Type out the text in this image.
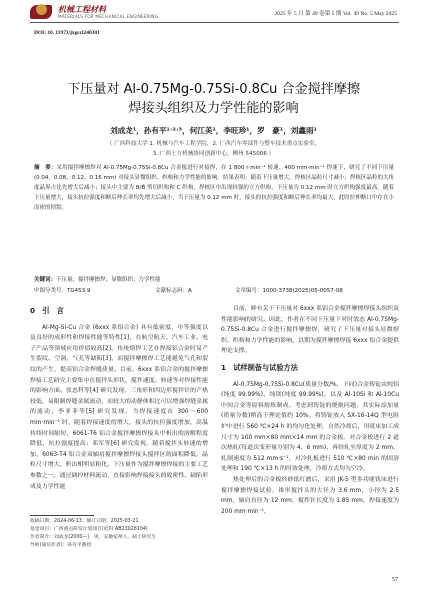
机械工程材料
MATERIALS FOR MECHANICAL ENGINEERING	2025 年 5 月 第 49 卷第 5 期 Vol. 49 No. 5 May 2025
DOI: 10. 11973/jxgccl240301
下压量对 Al-0.75Mg-0.75Si-0.8Cu 合金搅拌摩擦
焊接头组织及力学性能的影响
刘成龙¹，孙有平¹˒²˒³，何江美¹，李旺珍¹，罗　豪¹，刘鑫雨¹
（ 广西科技大学 1. 机械与汽车工程学院，2. 广西汽车零部件与整车技术重点实验室，
3. 广西土方机械协同创新中心，柳州 545006 ）
摘　要：采用搅拌摩擦焊对 Al-0.75Mg-0.75Si-0.8Cu 合金板进行对接焊，在 1 800 r·min⁻¹ 转速、400 mm·min⁻¹ 焊速下，研究了不同下压量 (0.04，0.08，0.12，0.16 mm) 对接头显微组织、织构和力学性能的影响。结果表明：随着下压量增大，焊核区晶粒尺寸减小，焊核区晶粒的大角度晶界占比先增大后减小；接头中主要为 B/B̄ 剪切织构和 C 织构，焊核区中出现较强的立方织构，下压量为 0.12 mm 时立方织构强度最高。随着下压量增大，接头抗拉强度和断后伸长率均先增大后减小，当下压量为 0.12 mm 时，接头的抗拉强度和断后伸长率均最大，此时拉伸断口中存在小而密的韧窝。
关键词：下压量；搅拌摩擦焊；显微组织；力学性能
中图分类号：TG453.9	文献标志码：A	文章编号：1000-3738(2025)05-0057-08
0　引　言

Al-Mg-Si-Cu 合金 (6xxx 系铝合金) 具有低密度、中等强度以及良好的成形性和焊接性能等特性[1]，在航空航天、汽车工业、电子产品等领域应用价值较高[2]。传统熔焊工艺在焊接铝合金时易产生裂纹、空洞、气孔等缺陷[3]，而搅拌摩擦焊工艺能避免气孔和裂纹的产生，提高铝合金焊缝质量。目前，6xxx 系铝合金的搅拌摩擦焊接工艺研究主要集中在搅拌头形状、搅拌速度、转速等对焊接性能的影响方面。张忠科等[4] 研究发现，三角形和四边形搅拌针的产热较低，易限制焊缝金属流动，而较大的动静体积比可以增强焊缝金属的流动；李亚菲等[5] 研究发现，当焊接速度在 300～600 mm·min⁻¹ 时，随着焊接速度的增大，接头的抗拉强度增加，高温持续时间缩短，6061-T6 铝合金搅拌摩擦焊接头中析出的溶解程度降低，抗拉强度提高；邓军等[6] 研究发现，随着搅拌头转速的增加，6063-T4 铝合金双轴肩搅拌摩擦焊接头搅拌区的面积降低，晶粒尺寸增大，析出相明显粗化。下压量作为搅拌摩擦焊接的主要工艺参数之一，通过调控材料流动，直接影响焊接接头的致密性、缺陷形成及力学性能

收稿日期：2024-06-13；修订日期：2025-03-21
基金项目：广西重点研发计划项目(桂科 AB23028104)
作者简介：刘成龙(2000—)，男，安徽宿州人，硕士研究生
导师(通信作者)：孙有平教授

目前，鲜有关于下压量对 6xxx 系铝合金搅拌摩擦焊接头组织及性能影响的研究。因此，作者在不同下压量下对时效态 Al-0.75Mg-0.75Si-0.8Cu 合金进行搅拌摩擦焊，研究了下压量对接头显微组织、织构和力学性能的影响，以期为搅拌摩擦焊接 6xxx 铝合金提供理论支撑。

1　试样制备与试验方法

Al-0.75Mg-0.75Si-0.8Cu(质量分数/%，下同)合金铸锭由纯铝(纯度 99.99%)、纯镁(纯度 99.99%)，以及 Al-10Si 和 Al-10Cu 中间合金等原料熔炼制成。考虑到铸锭的烧损问题，其实际添加量(质量分数)稍高于理论值约 10%。将铸锭放入 SX-16-14Q 型电阻炉中进行 560 ℃×24 h 的均匀化处理，自然冷却后，用铣床加工成尺寸为 100 mm×80 mm×14 mm 的合金板。对合金板进行 2 道次热轧(每道次变形量分别为 4，6 mm)，再经轧至厚度为 2 mm，轧制速度为 512 mm·s⁻¹，对冷轧板进行 510 ℃×80 min 的固溶处理和 190 ℃×13 h 的时效处理，冷却方式均为空冷。

热处理后的合金板经砂纸打磨后，采用 JK-5 型多功能铣床进行搅拌摩擦焊接试验，锥形搅拌头的大径为 3.6 mm，小径为 2.5 mm，轴肩直径为 12 mm，搅拌针长度为 1.85 mm，焊接速度为 200 mm·min⁻¹，

57
